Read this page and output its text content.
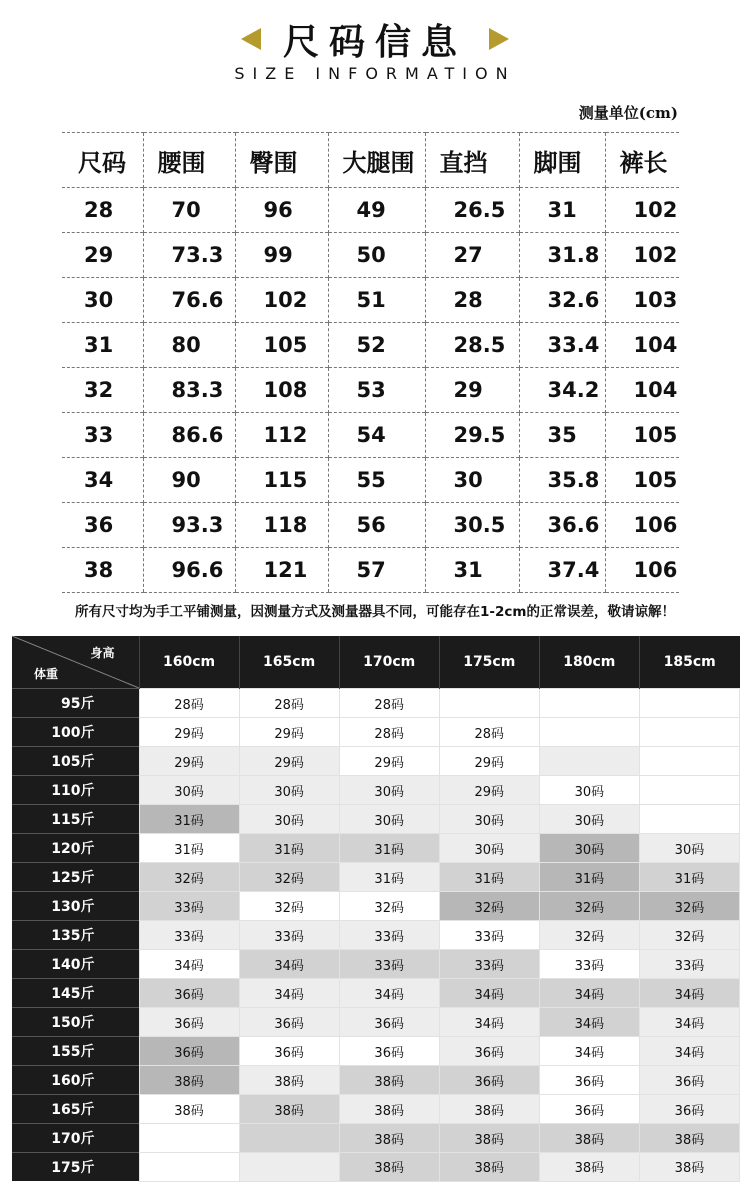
尺码信息
SIZE INFORMATION
测量单位(cm)
尺码	腰围	臀围	大腿围	直挡	脚围	裤长
28	70	96	49	26.5	31	102
29	73.3	99	50	27	31.8	102
30	76.6	102	51	28	32.6	103
31	80	105	52	28.5	33.4	104
32	83.3	108	53	29	34.2	104
33	86.6	112	54	29.5	35	105
34	90	115	55	30	35.8	105
36	93.3	118	56	30.5	36.6	106
38	96.6	121	57	31	37.4	106
所有尺寸均为手工平铺测量，因测量方式及测量器具不同，可能存在1-2cm的正常误差，敬请谅解！
身高
体重	160cm	165cm	170cm	175cm	180cm	185cm
95斤	28码	28码	28码			
100斤	29码	29码	28码	28码		
105斤	29码	29码	29码	29码		
110斤	30码	30码	30码	29码	30码	
115斤	31码	30码	30码	30码	30码	
120斤	31码	31码	31码	30码	30码	30码
125斤	32码	32码	31码	31码	31码	31码
130斤	33码	32码	32码	32码	32码	32码
135斤	33码	33码	33码	33码	32码	32码
140斤	34码	34码	33码	33码	33码	33码
145斤	36码	34码	34码	34码	34码	34码
150斤	36码	36码	36码	34码	34码	34码
155斤	36码	36码	36码	36码	34码	34码
160斤	38码	38码	38码	36码	36码	36码
165斤	38码	38码	38码	38码	36码	36码
170斤			38码	38码	38码	38码
175斤			38码	38码	38码	38码
